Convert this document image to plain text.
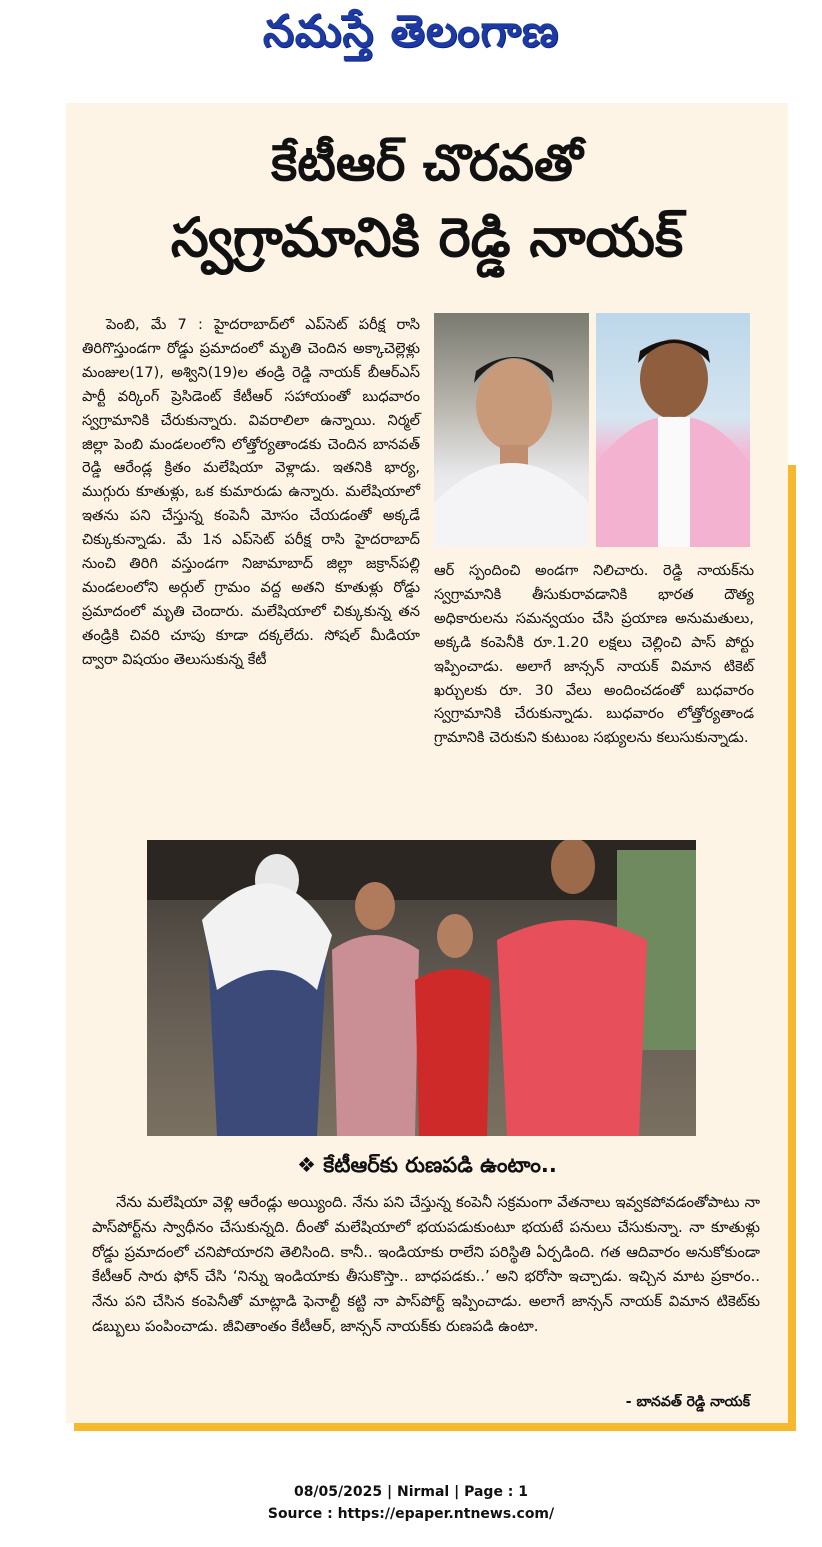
నమస్తే తెలంగాణ
కేటీఆర్ చొరవతో
స్వగ్రామానికి రెడ్డి నాయక్
పెంబి, మే 7 : హైదరాబాద్‌లో ఎప్‌సెట్ పరీక్ష రాసి తిరిగొస్తుండగా రోడ్డు ప్రమాదంలో మృతి చెందిన అక్కాచెల్లెళ్లు మంజుల(17), అశ్విని(19)ల తండ్రి రెడ్డి నాయక్ బీఆర్‌ఎస్ పార్టీ వర్కింగ్ ప్రెసిడెంట్ కేటీఆర్ సహాయంతో బుధవారం స్వగ్రామానికి చేరుకున్నారు. వివరాలిలా ఉన్నాయి. నిర్మల్ జిల్లా పెంబి మండలంలోని లోత్తోర్యతాండకు చెందిన బానవత్ రెడ్డి ఆరేండ్ల క్రితం మలేషియా వెళ్లాడు. ఇతనికి భార్య, ముగ్గురు కూతుళ్లు, ఒక కుమారుడు ఉన్నారు. మలేషియాలో ఇతను పని చేస్తున్న కంపెనీ మోసం చేయడంతో అక్కడే చిక్కుకున్నాడు. మే 1న ఎప్‌సెట్ పరీక్ష రాసి హైదరాబాద్ నుంచి తిరిగి వస్తుండగా నిజామాబాద్ జిల్లా జక్రాన్‌పల్లి మండలంలోని అర్గుల్ గ్రామం వద్ద అతని కూతుళ్లు రోడ్డు ప్రమాదంలో మృతి చెందారు. మలేషియాలో చిక్కుకున్న తన తండ్రికి చివరి చూపు కూడా దక్కలేదు. సోషల్ మీడియా ద్వారా విషయం తెలుసుకున్న కేటీ
ఆర్ స్పందించి అండగా నిలిచారు. రెడ్డి నాయక్‌ను స్వగ్రామానికి తీసుకురావడానికి భారత దౌత్య అధికారులను సమన్వయం చేసి ప్రయాణ అనుమతులు, అక్కడి కంపెనీకి రూ.1.20 లక్షలు చెల్లించి పాస్ పోర్టు ఇప్పించాడు. అలాగే జాన్సన్ నాయక్ విమాన టికెట్ ఖర్చులకు రూ. 30 వేలు అందించడంతో బుధవారం స్వగ్రామానికి చేరుకున్నాడు. బుధవారం లోత్తోర్యతాండ గ్రామానికి చెరుకుని కుటుంబ సభ్యులను కలుసుకున్నాడు.
❖ కేటీఆర్‌కు రుణపడి ఉంటాం..
నేను మలేషియా వెళ్లి ఆరేండ్లు అయ్యింది. నేను పని చేస్తున్న కంపెనీ సక్రమంగా వేతనాలు ఇవ్వకపోవడంతోపాటు నా పాస్‌పోర్ట్‌ను స్వాధీనం చేసుకున్నది. దీంతో మలేషియాలో భయపడుకుంటూ భయటే పనులు చేసుకున్నా. నా కూతుళ్లు రోడ్డు ప్రమాదంలో చనిపోయారని తెలిసింది. కానీ.. ఇండియాకు రాలేని పరిస్థితి ఏర్పడింది. గత ఆదివారం అనుకోకుండా కేటీఆర్ సారు ఫోన్ చేసి ‘నిన్ను ఇండియాకు తీసుకొస్తా.. బాధపడకు..’ అని భరోసా ఇచ్చాడు. ఇచ్చిన మాట ప్రకారం.. నేను పని చేసిన కంపెనీతో మాట్లాడి ఫెనాల్టీ కట్టి నా పాస్‌పోర్ట్ ఇప్పించాడు. అలాగే జాన్సన్ నాయక్ విమాన టికెట్‌కు డబ్బులు పంపించాడు. జీవితాంతం కేటీఆర్, జాన్సన్ నాయక్‌కు రుణపడి ఉంటా.
- బానవత్ రెడ్డి నాయక్
08/05/2025 | Nirmal | Page : 1
Source : https://epaper.ntnews.com/
